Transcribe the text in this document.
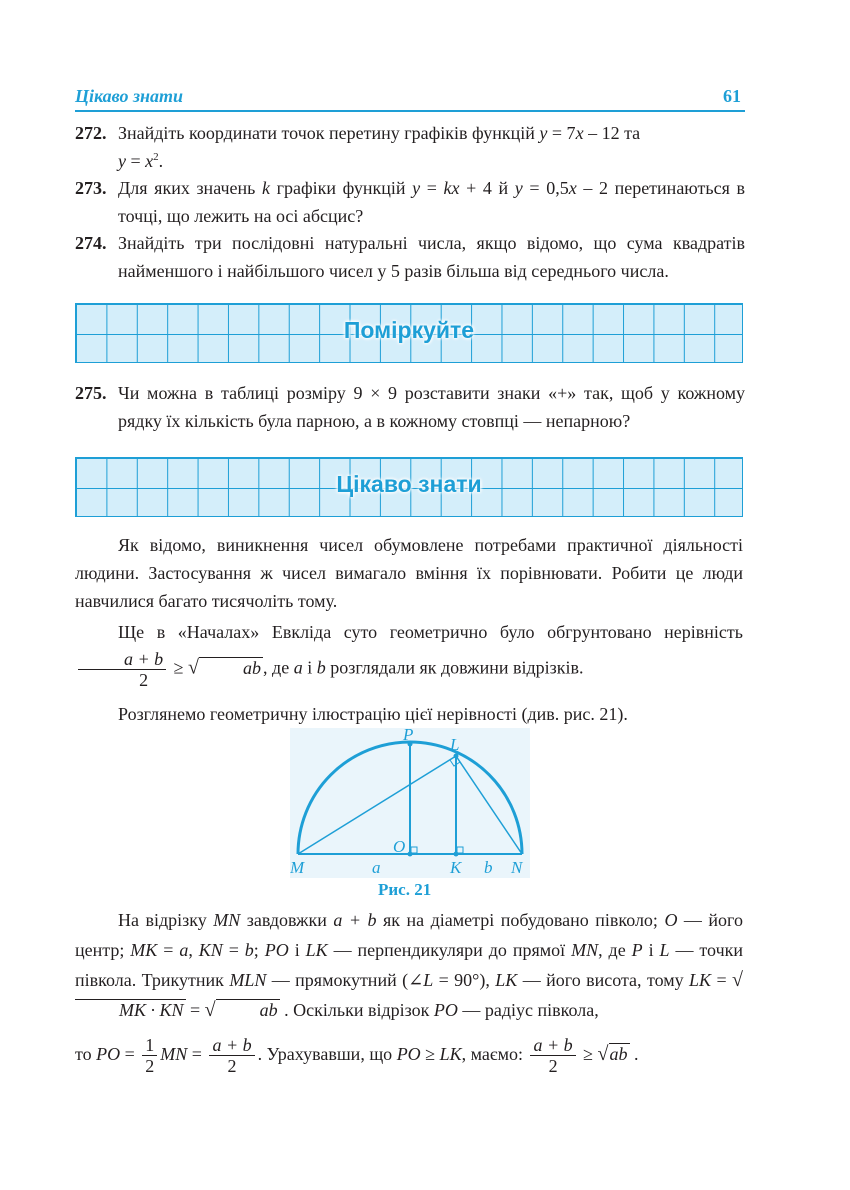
Цікаво знати	61
272. Знайдіть координати точок перетину графіків функцій y = 7x – 12 та
$y = x^2$.
273. Для яких значень k графіки функцій y = kx + 4 й y = 0,5x – 2 перетинаються в точці, що лежить на осі абсцис?
274. Знайдіть три послідовні натуральні числа, якщо відомо, що сума квадратів найменшого і найбільшого чисел у 5 разів більша від середнього числа.
Поміркуйте
275. Чи можна в таблиці розміру 9 × 9 розставити знаки «+» так, щоб у кожному рядку їх кількість була парною, а в кожному стовпці — непарною?
Цікаво знати
Як відомо, виникнення чисел обумовлене потребами практичної діяльності людини. Застосування ж чисел вимагало вміння їх порівнювати. Робити це люди навчилися багато тисячоліть тому.
Ще в «Началах» Евкліда суто геометрично було обгрунтовано нерівність
$\frac{a + b}{2}$ ≥ √ ab , де a і b розглядали як довжини відрізків.
Розглянемо геометричну ілюстрацію цієї нерівності (див. рис. 21).
P
L
O
M	a	K b N
Рис. 21
На відрізку MN завдовжки a + b як на діаметрі побудовано півколо; O — його центр; MK = a, KN = b; PO і LK — перпендикуляри до прямої MN, де P і L — точки півкола. Трикутник MLN — прямокутний (∠L = 90°), LK — його висота, тому LK = √MK · KN = √ ab . Оскільки відрізок PO — радіус півкола,
то PO = $\frac{1}{2}$ MN = $\frac{a + b}{2}$ . Урахувавши, що PO ≥ LK, маємо: $\frac{a + b}{2} \ge √ab$ .
